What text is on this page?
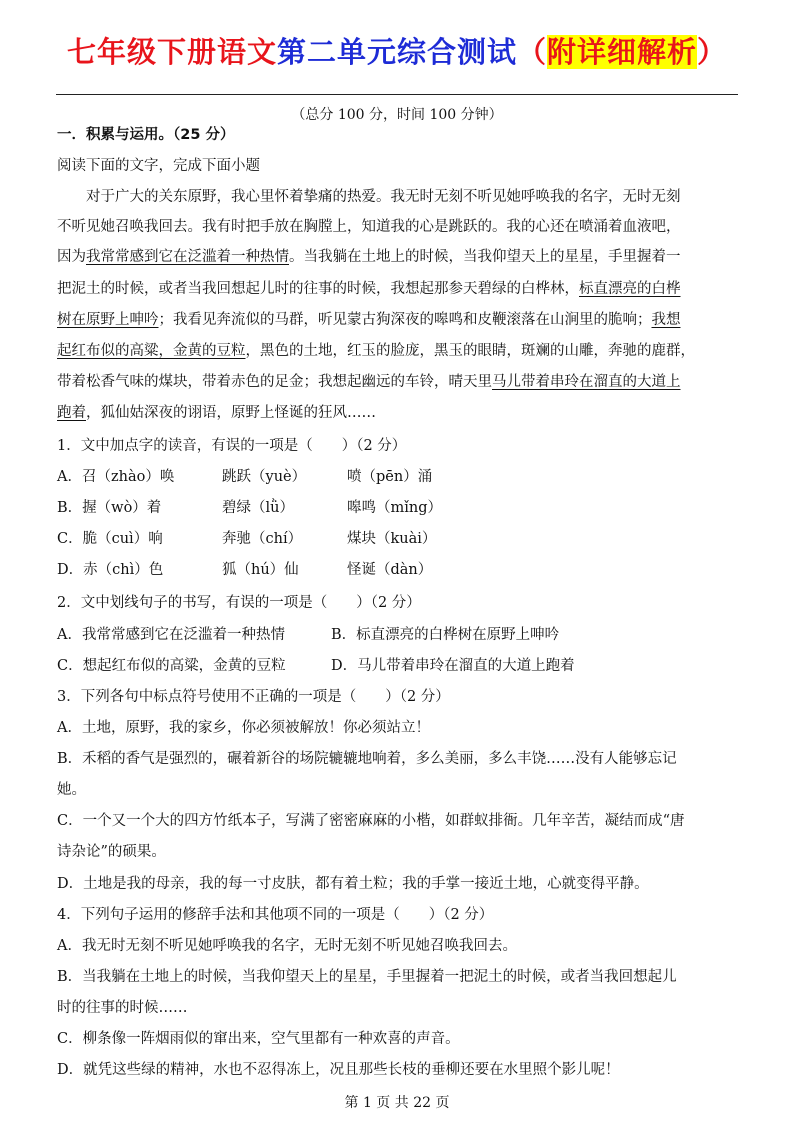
七年级下册语文第二单元综合测试（附详细解析）
（总分 100 分，时间 100 分钟）
一．积累与运用。（25 分）
阅读下面的文字，完成下面小题
　　对于广大的关东原野，我心里怀着挚痛的热爱。我无时无刻不听见她呼唤我的名字，无时无刻
不听见她召唤我回去。我有时把手放在胸膛上，知道我的心是跳跃的。我的心还在喷涌着血液吧，
因为我常常感到它在泛滥着一种热情。当我躺在土地上的时候，当我仰望天上的星星，手里握着一
把泥土的时候，或者当我回想起儿时的往事的时候，我想起那参天碧绿的白桦林，标直漂亮的白桦
树在原野上呻吟；我看见奔流似的马群，听见蒙古狗深夜的嗥鸣和皮鞭滚落在山涧里的脆响；我想
起红布似的高粱，金黄的豆粒，黑色的土地，红玉的脸庞，黑玉的眼睛，斑斓的山雕，奔驰的鹿群，
带着松香气味的煤块，带着赤色的足金；我想起幽远的车铃，晴天里马儿带着串玲在溜直的大道上
跑着，狐仙姑深夜的诩语，原野上怪诞的狂风……
1．文中加点字的读音，有误的一项是（　　）（2 分）
A．召（zhào）唤	跳跃（yuè）	喷（pēn）涌
B．握（wò）着	碧绿（lǜ）	嗥鸣（mǐng）
C．脆（cuì）响	奔驰（chí）	煤块（kuài）
D．赤（chì）色	狐（hú）仙	怪诞（dàn）
2．文中划线句子的书写，有误的一项是（　　）（2 分）
A．我常常感到它在泛滥着一种热情	B．标直漂亮的白桦树在原野上呻吟
C．想起红布似的高粱，金黄的豆粒	D．马儿带着串玲在溜直的大道上跑着
3．下列各句中标点符号使用不正确的一项是（　　）（2 分）
A．土地，原野，我的家乡，你必须被解放！你必须站立！
B．禾稻的香气是强烈的，碾着新谷的场院辘辘地响着，多么美丽，多么丰饶……没有人能够忘记
她。
C．一个又一个大的四方竹纸本子，写满了密密麻麻的小楷，如群蚁排衙。几年辛苦，凝结而成“唐
诗杂论”的硕果。
D．土地是我的母亲，我的每一寸皮肤，都有着土粒；我的手掌一接近土地，心就变得平静。
4．下列句子运用的修辞手法和其他项不同的一项是（　　）（2 分）
A．我无时无刻不听见她呼唤我的名字，无时无刻不听见她召唤我回去。
B．当我躺在土地上的时候，当我仰望天上的星星，手里握着一把泥土的时候，或者当我回想起儿
时的往事的时候……
C．柳条像一阵烟雨似的窜出来，空气里都有一种欢喜的声音。
D．就凭这些绿的精神，水也不忍得冻上，况且那些长枝的垂柳还要在水里照个影儿呢！
第 1 页 共 22 页
